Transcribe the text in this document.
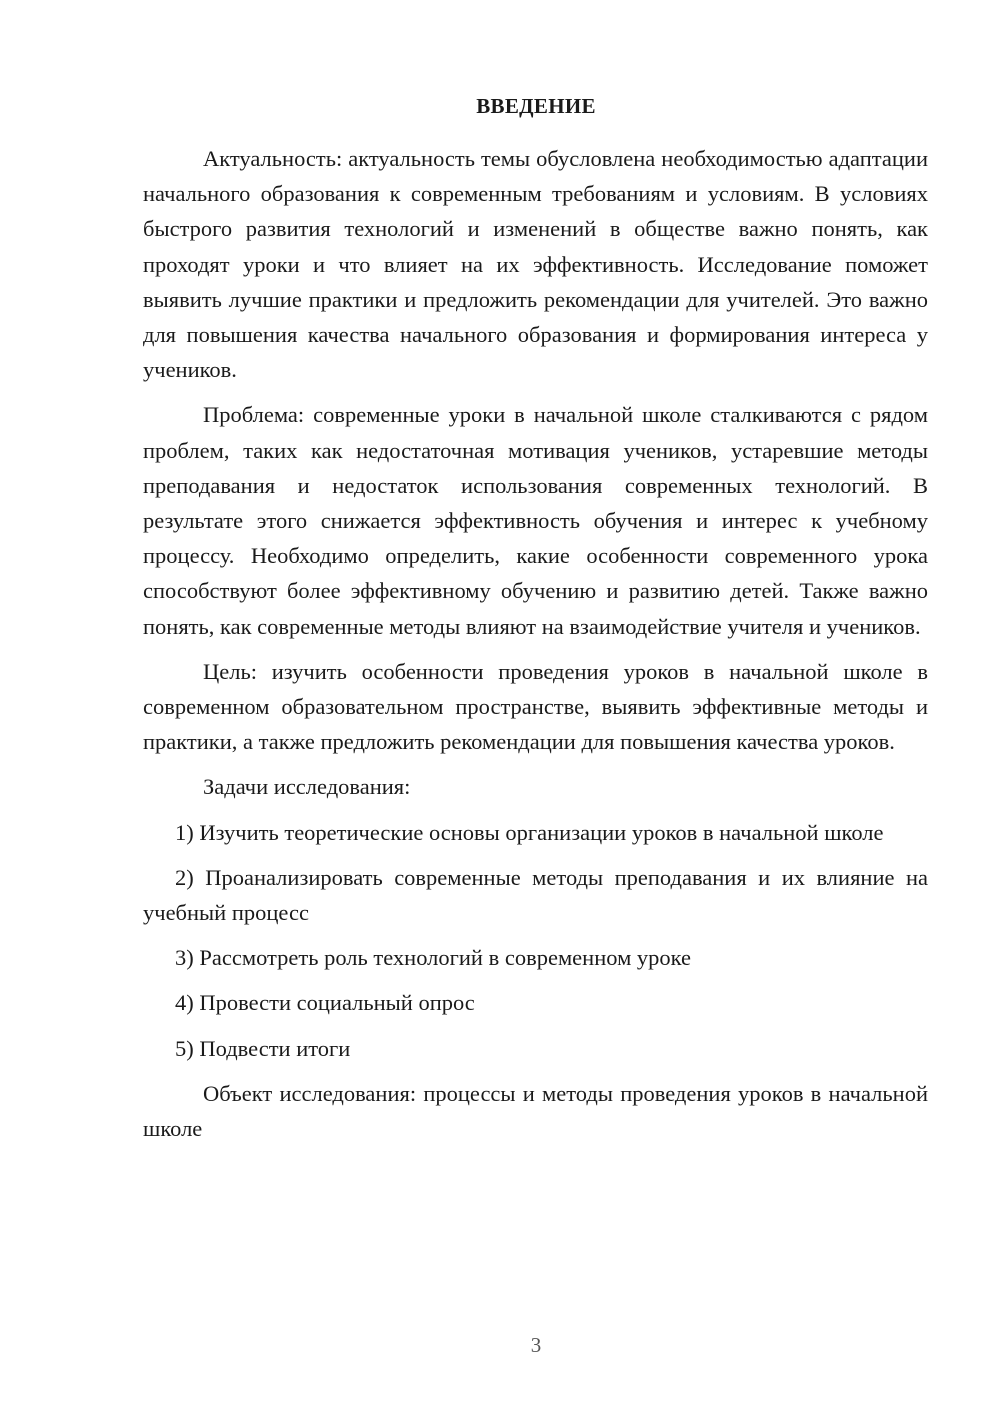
ВВЕДЕНИЕ

Актуальность: актуальность темы обусловлена необходимостью адаптации начального образования к современным требованиям и условиям. В условиях быстрого развития технологий и изменений в обществе важно понять, как проходят уроки и что влияет на их эффективность. Исследование поможет выявить лучшие практики и предложить рекомендации для учителей. Это важно для повышения качества начального образования и формирования интереса у учеников.

Проблема: современные уроки в начальной школе сталкиваются с рядом проблем, таких как недостаточная мотивация учеников, устаревшие методы преподавания и недостаток использования современных технологий. В результате этого снижается эффективность обучения и интерес к учебному процессу. Необходимо определить, какие особенности современного урока способствуют более эффективному обучению и развитию детей. Также важно понять, как современные методы влияют на взаимодействие учителя и учеников.

Цель: изучить особенности проведения уроков в начальной школе в современном образовательном пространстве, выявить эффективные методы и практики, а также предложить рекомендации для повышения качества уроков.

Задачи исследования:

1) Изучить теоретические основы организации уроков в начальной школе

2) Проанализировать современные методы преподавания и их влияние на учебный процесс

3) Рассмотреть роль технологий в современном уроке

4) Провести социальный опрос

5) Подвести итоги

Объект исследования: процессы и методы проведения уроков в начальной школе

3
